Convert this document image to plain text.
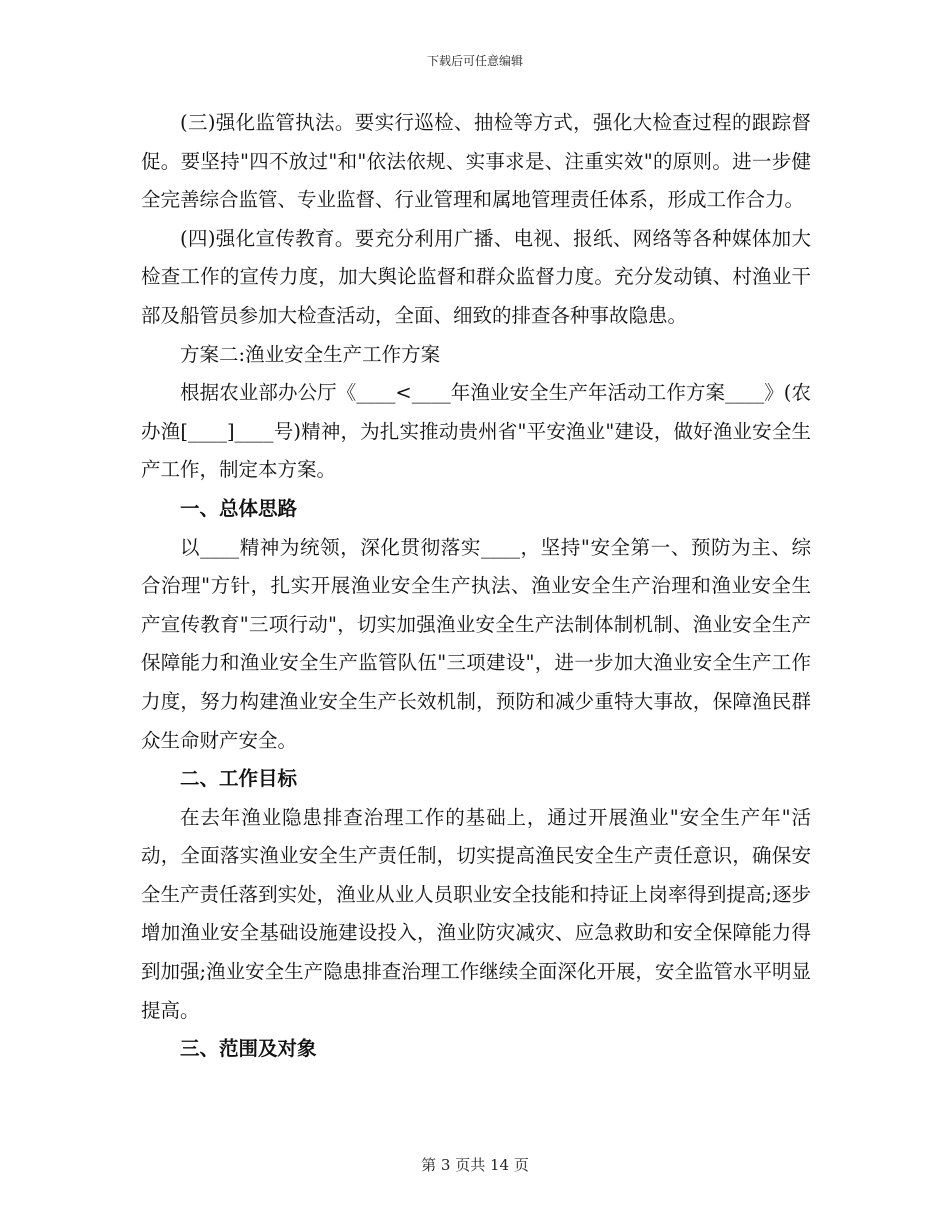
下载后可任意编辑

(三)强化监管执法。要实行巡检、抽检等方式，强化大检查过程的跟踪督促。要坚持"四不放过"和"依法依规、实事求是、注重实效"的原则。进一步健全完善综合监管、专业监督、行业管理和属地管理责任体系，形成工作合力。

(四)强化宣传教育。要充分利用广播、电视、报纸、网络等各种媒体加大检查工作的宣传力度，加大舆论监督和群众监督力度。充分发动镇、村渔业干部及船管员参加大检查活动，全面、细致的排查各种事故隐患。

方案二:渔业安全生产工作方案

根据农业部办公厅《____<____年渔业安全生产年活动工作方案____》(农办渔[____]____号)精神，为扎实推动贵州省"平安渔业"建设，做好渔业安全生产工作，制定本方案。

一、总体思路

以____精神为统领，深化贯彻落实____，坚持"安全第一、预防为主、综合治理"方针，扎实开展渔业安全生产执法、渔业安全生产治理和渔业安全生产宣传教育"三项行动"，切实加强渔业安全生产法制体制机制、渔业安全生产保障能力和渔业安全生产监管队伍"三项建设"，进一步加大渔业安全生产工作力度，努力构建渔业安全生产长效机制，预防和减少重特大事故，保障渔民群众生命财产安全。

二、工作目标

在去年渔业隐患排查治理工作的基础上，通过开展渔业"安全生产年"活动，全面落实渔业安全生产责任制，切实提高渔民安全生产责任意识，确保安全生产责任落到实处，渔业从业人员职业安全技能和持证上岗率得到提高;逐步增加渔业安全基础设施建设投入，渔业防灾减灾、应急救助和安全保障能力得到加强;渔业安全生产隐患排查治理工作继续全面深化开展，安全监管水平明显提高。

三、范围及对象

第 3 页共 14 页
